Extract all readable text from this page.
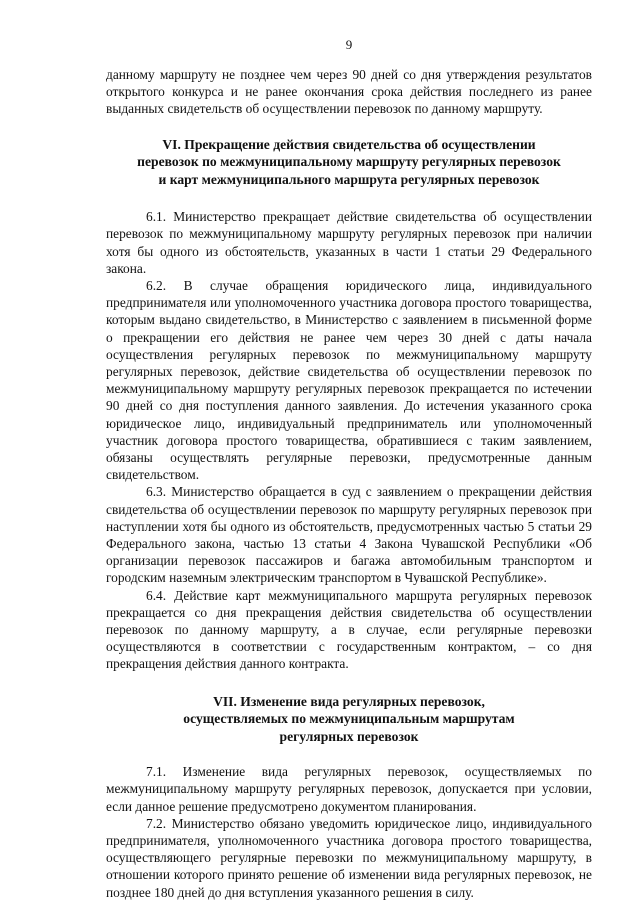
9

данному маршруту не позднее чем через 90 дней со дня утверждения результатов открытого конкурса и не ранее окончания срока действия последнего из ранее выданных свидетельств об осуществлении перевозок по данному маршруту.

VI. Прекращение действия свидетельства об осуществлении
перевозок по межмуниципальному маршруту регулярных перевозок
и карт межмуниципального маршрута регулярных перевозок

6.1. Министерство прекращает действие свидетельства об осуществлении перевозок по межмуниципальному маршруту регулярных перевозок при наличии хотя бы одного из обстоятельств, указанных в части 1 статьи 29 Федерального закона.

6.2. В случае обращения юридического лица, индивидуального предпринимателя или уполномоченного участника договора простого товарищества, которым выдано свидетельство, в Министерство с заявлением в письменной форме о прекращении его действия не ранее чем через 30 дней с даты начала осуществления регулярных перевозок по межмуниципальному маршруту регулярных перевозок, действие свидетельства об осуществлении перевозок по межмуниципальному маршруту регулярных перевозок прекращается по истечении 90 дней со дня поступления данного заявления. До истечения указанного срока юридическое лицо, индивидуальный предприниматель или уполномоченный участник договора простого товарищества, обратившиеся с таким заявлением, обязаны осуществлять регулярные перевозки, предусмотренные данным свидетельством.

6.3. Министерство обращается в суд с заявлением о прекращении действия свидетельства об осуществлении перевозок по маршруту регулярных перевозок при наступлении хотя бы одного из обстоятельств, предусмотренных частью 5 статьи 29 Федерального закона, частью 13 статьи 4 Закона Чувашской Республики «Об организации перевозок пассажиров и багажа автомобильным транспортом и городским наземным электрическим транспортом в Чувашской Республике».

6.4. Действие карт межмуниципального маршрута регулярных перевозок прекращается со дня прекращения действия свидетельства об осуществлении перевозок по данному маршруту, а в случае, если регулярные перевозки осуществляются в соответствии с государственным контрактом, – со дня прекращения действия данного контракта.

VII. Изменение вида регулярных перевозок,
осуществляемых по межмуниципальным маршрутам
регулярных перевозок

7.1. Изменение вида регулярных перевозок, осуществляемых по межмуниципальному маршруту регулярных перевозок, допускается при условии, если данное решение предусмотрено документом планирования.

7.2. Министерство обязано уведомить юридическое лицо, индивидуального предпринимателя, уполномоченного участника договора простого товарищества, осуществляющего регулярные перевозки по межмуниципальному маршруту, в отношении которого принято решение об изменении вида регулярных перевозок, не позднее 180 дней до дня вступления указанного решения в силу.
